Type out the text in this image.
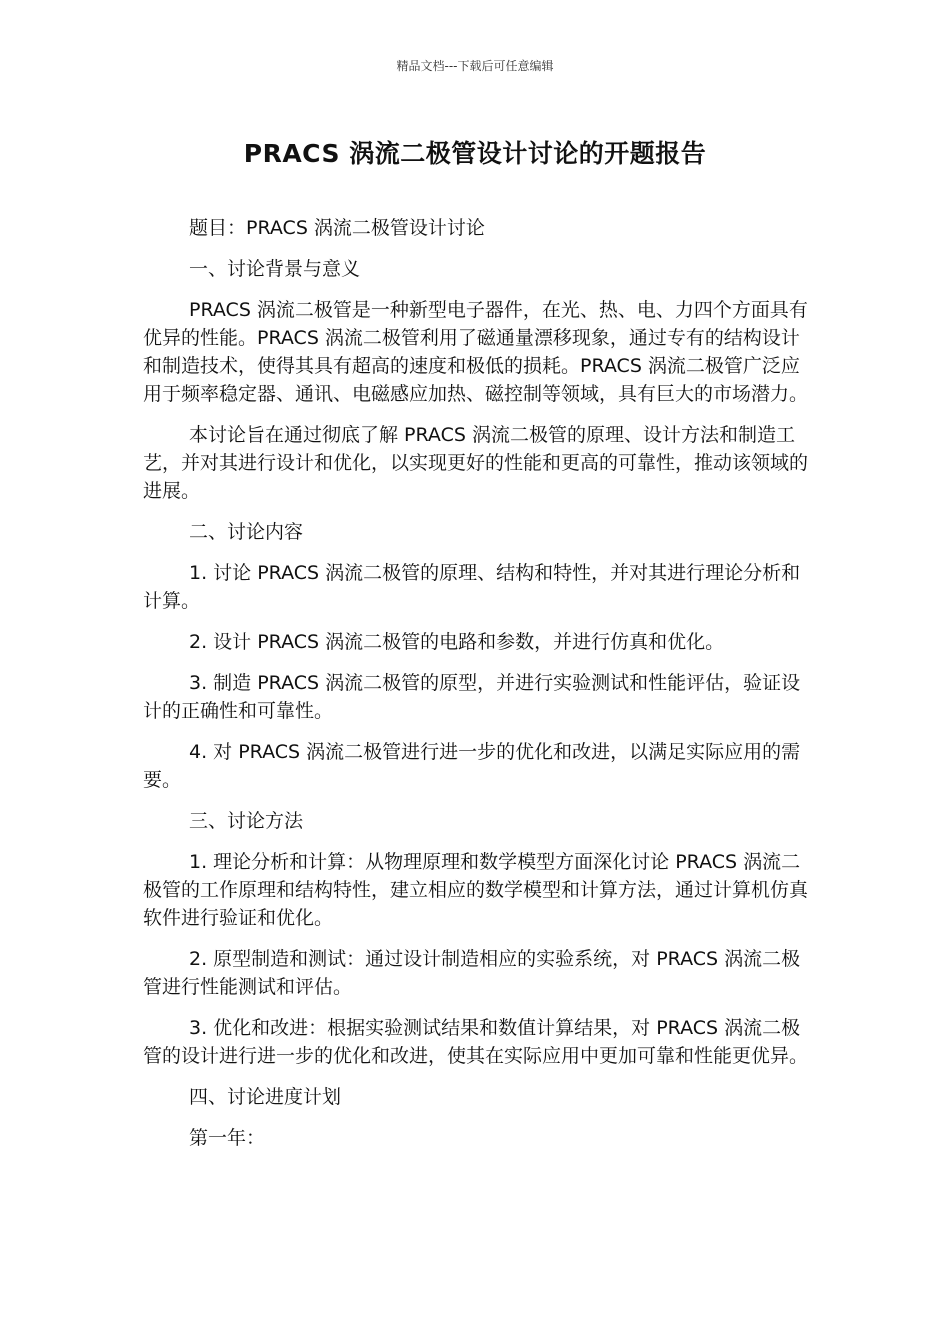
精品文档---下载后可任意编辑
PRACS 涡流二极管设计讨论的开题报告

题目：PRACS 涡流二极管设计讨论

一、讨论背景与意义

PRACS 涡流二极管是一种新型电子器件，在光、热、电、力四个方面具有优异的性能。PRACS 涡流二极管利用了磁通量漂移现象，通过专有的结构设计和制造技术，使得其具有超高的速度和极低的损耗。PRACS 涡流二极管广泛应用于频率稳定器、通讯、电磁感应加热、磁控制等领域，具有巨大的市场潜力。

本讨论旨在通过彻底了解 PRACS 涡流二极管的原理、设计方法和制造工艺，并对其进行设计和优化，以实现更好的性能和更高的可靠性，推动该领域的进展。

二、讨论内容

1. 讨论 PRACS 涡流二极管的原理、结构和特性，并对其进行理论分析和计算。

2. 设计 PRACS 涡流二极管的电路和参数，并进行仿真和优化。

3. 制造 PRACS 涡流二极管的原型，并进行实验测试和性能评估，验证设计的正确性和可靠性。

4. 对 PRACS 涡流二极管进行进一步的优化和改进，以满足实际应用的需要。

三、讨论方法

1. 理论分析和计算：从物理原理和数学模型方面深化讨论 PRACS 涡流二极管的工作原理和结构特性，建立相应的数学模型和计算方法，通过计算机仿真软件进行验证和优化。

2. 原型制造和测试：通过设计制造相应的实验系统，对 PRACS 涡流二极管进行性能测试和评估。

3. 优化和改进：根据实验测试结果和数值计算结果，对 PRACS 涡流二极管的设计进行进一步的优化和改进，使其在实际应用中更加可靠和性能更优异。

四、讨论进度计划

第一年：
